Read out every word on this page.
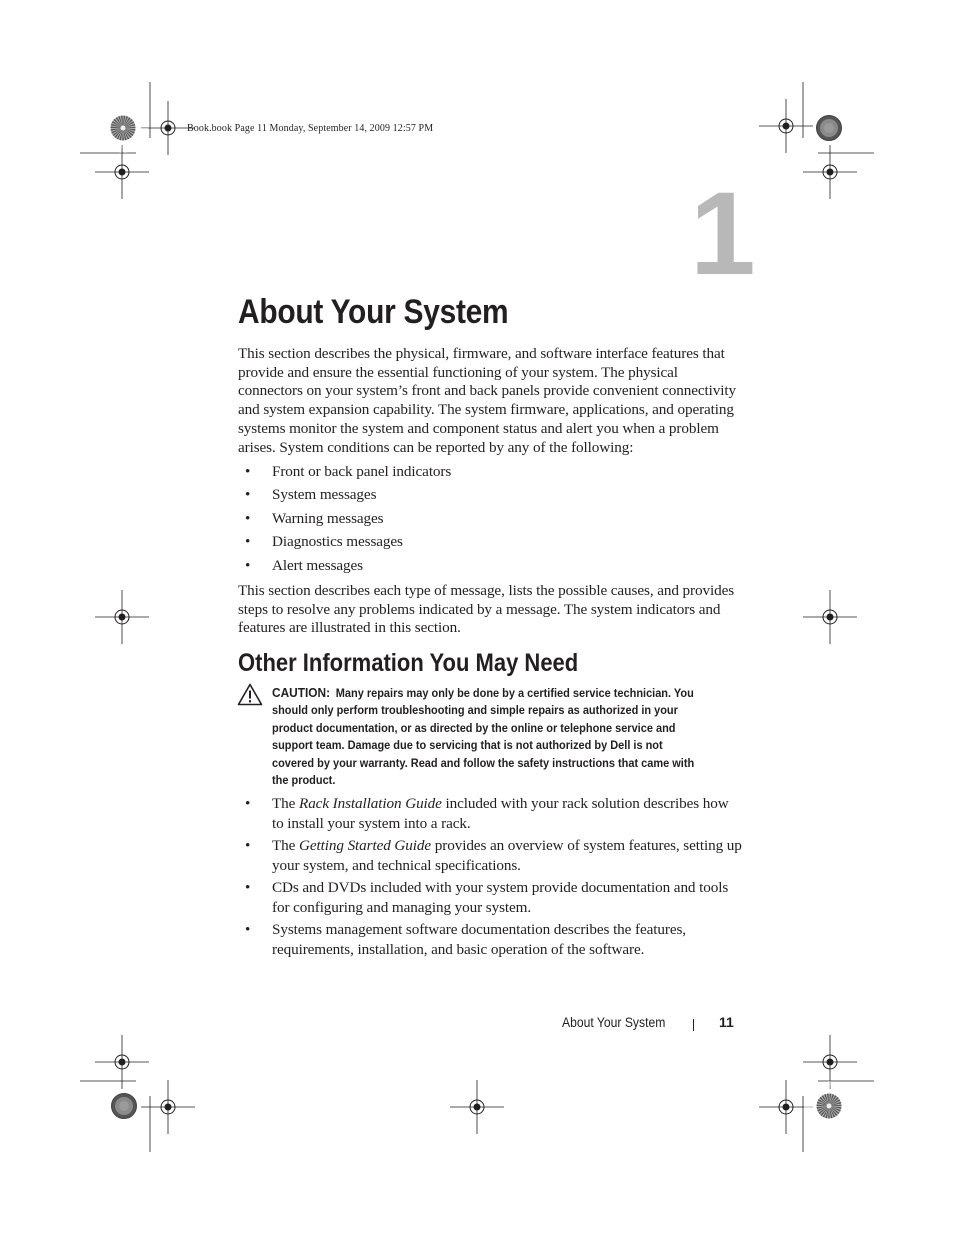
Book.book Page 11 Monday, September 14, 2009 12:57 PM
1
About Your System

This section describes the physical, firmware, and software interface features that provide and ensure the essential functioning of your system. The physical connectors on your system’s front and back panels provide convenient connectivity and system expansion capability. The system firmware, applications, and operating systems monitor the system and component status and alert you when a problem arises. System conditions can be reported by any of the following:

• Front or back panel indicators
• System messages
• Warning messages
• Diagnostics messages
• Alert messages

This section describes each type of message, lists the possible causes, and provides steps to resolve any problems indicated by a message. The system indicators and features are illustrated in this section.

Other Information You May Need

CAUTION: Many repairs may only be done by a certified service technician. You should only perform troubleshooting and simple repairs as authorized in your product documentation, or as directed by the online or telephone service and support team. Damage due to servicing that is not authorized by Dell is not covered by your warranty. Read and follow the safety instructions that came with the product.

• The Rack Installation Guide included with your rack solution describes how to install your system into a rack.
• The Getting Started Guide provides an overview of system features, setting up your system, and technical specifications.
• CDs and DVDs included with your system provide documentation and tools for configuring and managing your system.
• Systems management software documentation describes the features, requirements, installation, and basic operation of the software.
About Your System	11
